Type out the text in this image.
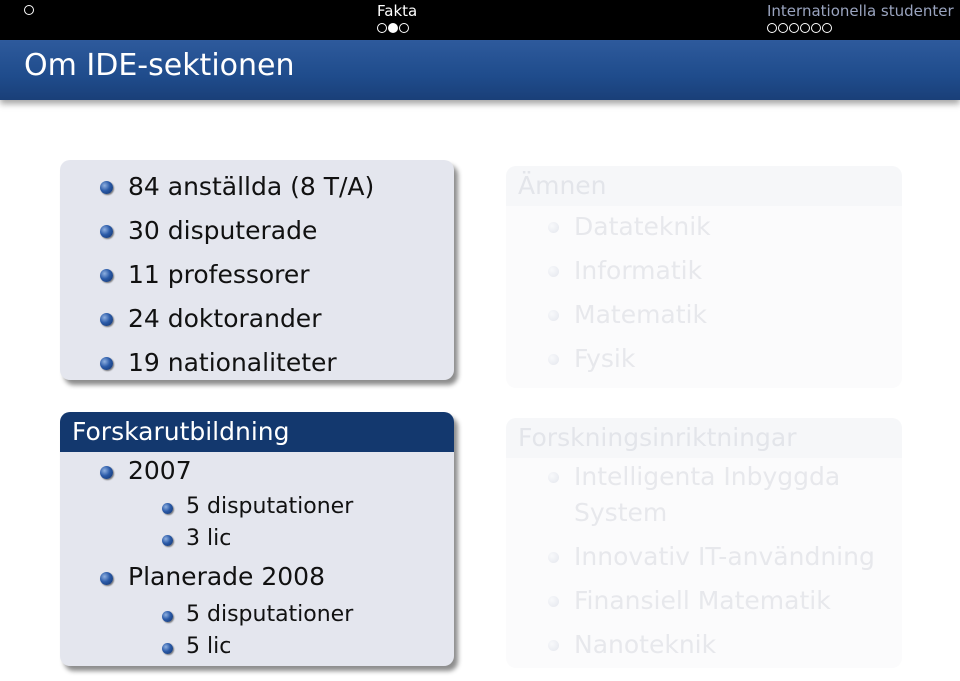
Fakta	Internationella studenter
Om IDE-sektionen
84 anställda (8 T/A)
30 disputerade
11 professorer
24 doktorander
19 nationaliteter
Forskarutbildning
2007
5 disputationer
3 lic
Planerade 2008
5 disputationer
5 lic
Ämnen
Datateknik
Informatik
Matematik
Fysik
Forskningsinriktningar
Intelligenta Inbyggda
System
Innovativ IT-användning
Finansiell Matematik
Nanoteknik
